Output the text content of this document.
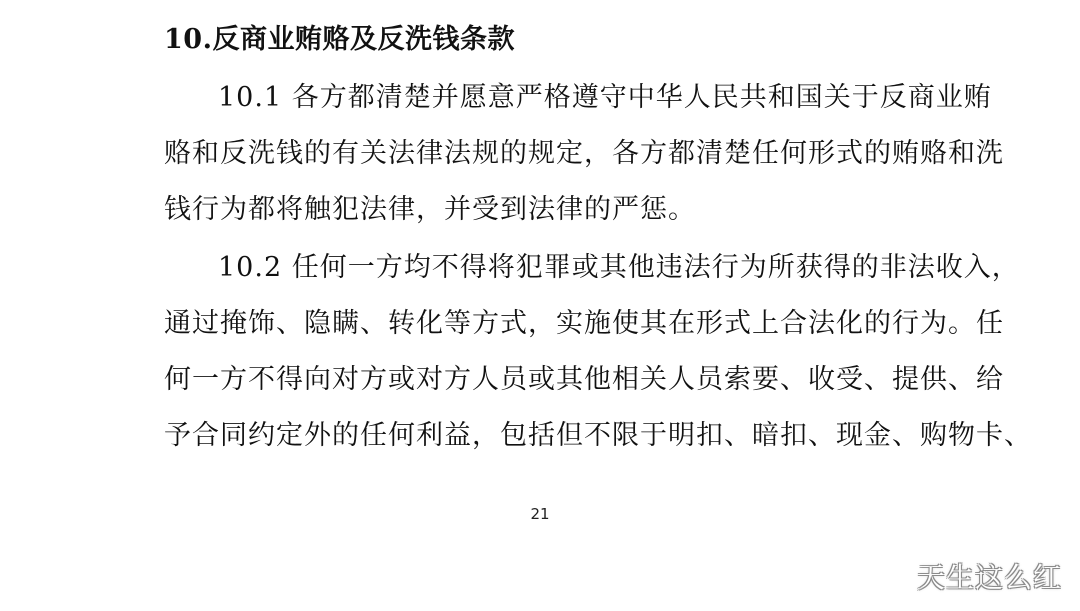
10.反商业贿赂及反洗钱条款
10.1 各方都清楚并愿意严格遵守中华人民共和国关于反商业贿
赂和反洗钱的有关法律法规的规定，各方都清楚任何形式的贿赂和洗
钱行为都将触犯法律，并受到法律的严惩。
10.2 任何一方均不得将犯罪或其他违法行为所获得的非法收入，
通过掩饰、隐瞒、转化等方式，实施使其在形式上合法化的行为。任
何一方不得向对方或对方人员或其他相关人员索要、收受、提供、给
予合同约定外的任何利益，包括但不限于明扣、暗扣、现金、购物卡、
21
天生这么红
